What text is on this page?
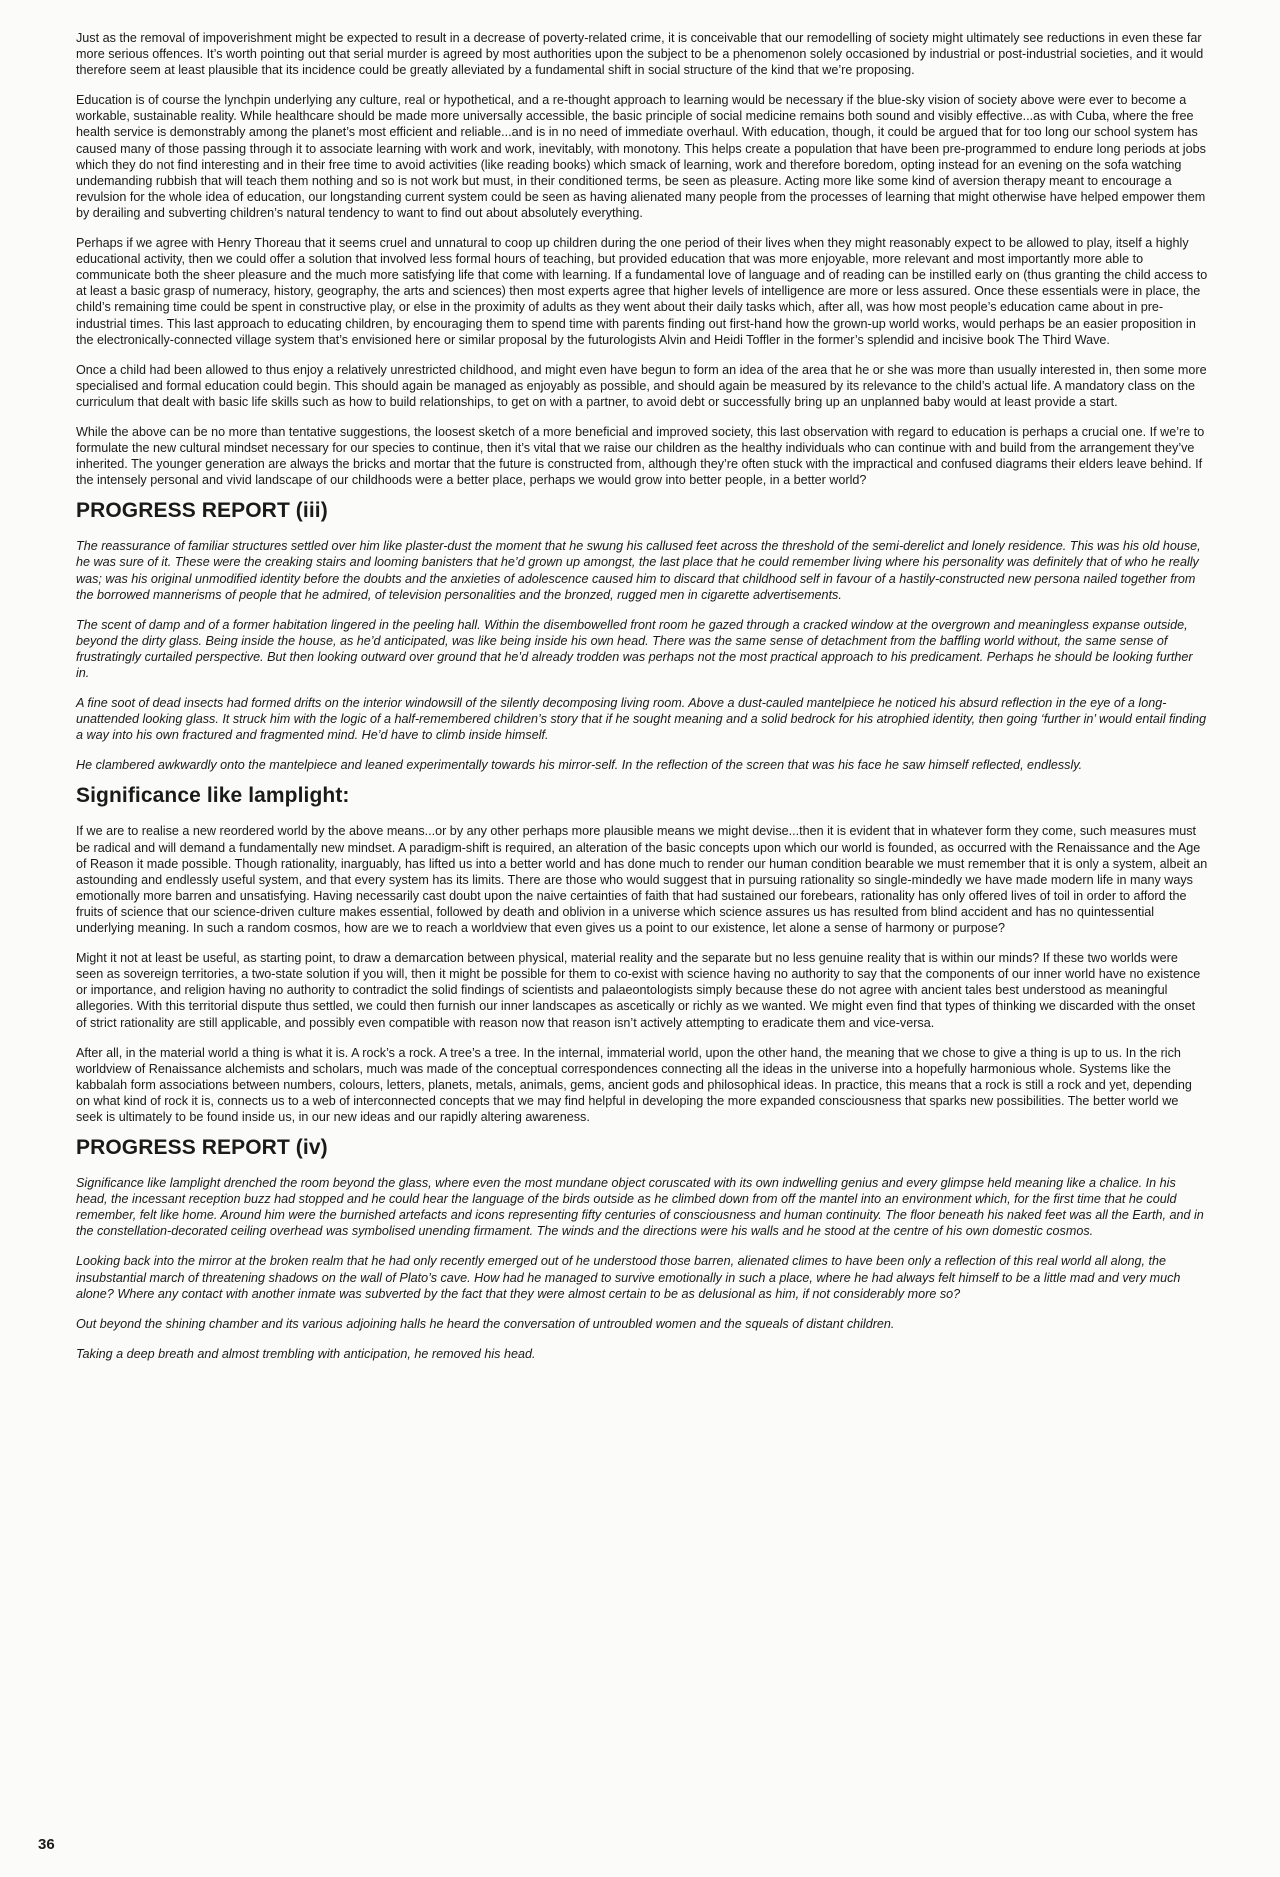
Just as the removal of impoverishment might be expected to result in a decrease of poverty-related crime, it is conceivable that our remodelling of society might ultimately see reductions in even these far more serious offences. It’s worth pointing out that serial murder is agreed by most authorities upon the subject to be a phenomenon solely occasioned by industrial or post-industrial societies, and it would therefore seem at least plausible that its incidence could be greatly alleviated by a fundamental shift in social structure of the kind that we’re proposing.

Education is of course the lynchpin underlying any culture, real or hypothetical, and a re-thought approach to learning would be necessary if the blue-sky vision of society above were ever to become a workable, sustainable reality. While healthcare should be made more universally accessible, the basic principle of social medicine remains both sound and visibly effective...as with Cuba, where the free health service is demonstrably among the planet’s most efficient and reliable...and is in no need of immediate overhaul. With education, though, it could be argued that for too long our school system has caused many of those passing through it to associate learning with work and work, inevitably, with monotony. This helps create a population that have been pre-programmed to endure long periods at jobs which they do not find interesting and in their free time to avoid activities (like reading books) which smack of learning, work and therefore boredom, opting instead for an evening on the sofa watching undemanding rubbish that will teach them nothing and so is not work but must, in their conditioned terms, be seen as pleasure. Acting more like some kind of aversion therapy meant to encourage a revulsion for the whole idea of education, our longstanding current system could be seen as having alienated many people from the processes of learning that might otherwise have helped empower them by derailing and subverting children’s natural tendency to want to find out about absolutely everything.

Perhaps if we agree with Henry Thoreau that it seems cruel and unnatural to coop up children during the one period of their lives when they might reasonably expect to be allowed to play, itself a highly educational activity, then we could offer a solution that involved less formal hours of teaching, but provided education that was more enjoyable, more relevant and most importantly more able to communicate both the sheer pleasure and the much more satisfying life that come with learning. If a fundamental love of language and of reading can be instilled early on (thus granting the child access to at least a basic grasp of numeracy, history, geography, the arts and sciences) then most experts agree that higher levels of intelligence are more or less assured. Once these essentials were in place, the child’s remaining time could be spent in constructive play, or else in the proximity of adults as they went about their daily tasks which, after all, was how most people’s education came about in pre-industrial times. This last approach to educating children, by encouraging them to spend time with parents finding out first-hand how the grown-up world works, would perhaps be an easier proposition in the electronically-connected village system that’s envisioned here or similar proposal by the futurologists Alvin and Heidi Toffler in the former’s splendid and incisive book The Third Wave.

Once a child had been allowed to thus enjoy a relatively unrestricted childhood, and might even have begun to form an idea of the area that he or she was more than usually interested in, then some more specialised and formal education could begin. This should again be managed as enjoyably as possible, and should again be measured by its relevance to the child’s actual life. A mandatory class on the curriculum that dealt with basic life skills such as how to build relationships, to get on with a partner, to avoid debt or successfully bring up an unplanned baby would at least provide a start.

While the above can be no more than tentative suggestions, the loosest sketch of a more beneficial and improved society, this last observation with regard to education is perhaps a crucial one. If we’re to formulate the new cultural mindset necessary for our species to continue, then it’s vital that we raise our children as the healthy individuals who can continue with and build from the arrangement they’ve inherited. The younger generation are always the bricks and mortar that the future is constructed from, although they’re often stuck with the impractical and confused diagrams their elders leave behind. If the intensely personal and vivid landscape of our childhoods were a better place, perhaps we would grow into better people, in a better world?

PROGRESS REPORT (iii)

The reassurance of familiar structures settled over him like plaster-dust the moment that he swung his callused feet across the threshold of the semi-derelict and lonely residence. This was his old house, he was sure of it. These were the creaking stairs and looming banisters that he’d grown up amongst, the last place that he could remember living where his personality was definitely that of who he really was; was his original unmodified identity before the doubts and the anxieties of adolescence caused him to discard that childhood self in favour of a hastily-constructed new persona nailed together from the borrowed mannerisms of people that he admired, of television personalities and the bronzed, rugged men in cigarette advertisements.

The scent of damp and of a former habitation lingered in the peeling hall. Within the disembowelled front room he gazed through a cracked window at the overgrown and meaningless expanse outside, beyond the dirty glass. Being inside the house, as he’d anticipated, was like being inside his own head. There was the same sense of detachment from the baffling world without, the same sense of frustratingly curtailed perspective. But then looking outward over ground that he’d already trodden was perhaps not the most practical approach to his predicament. Perhaps he should be looking further in.

A fine soot of dead insects had formed drifts on the interior windowsill of the silently decomposing living room. Above a dust-cauled mantelpiece he noticed his absurd reflection in the eye of a long-unattended looking glass. It struck him with the logic of a half-remembered children’s story that if he sought meaning and a solid bedrock for his atrophied identity, then going ‘further in’ would entail finding a way into his own fractured and fragmented mind. He’d have to climb inside himself.

He clambered awkwardly onto the mantelpiece and leaned experimentally towards his mirror-self. In the reflection of the screen that was his face he saw himself reflected, endlessly.

Significance like lamplight:

If we are to realise a new reordered world by the above means...or by any other perhaps more plausible means we might devise...then it is evident that in whatever form they come, such measures must be radical and will demand a fundamentally new mindset. A paradigm-shift is required, an alteration of the basic concepts upon which our world is founded, as occurred with the Renaissance and the Age of Reason it made possible. Though rationality, inarguably, has lifted us into a better world and has done much to render our human condition bearable we must remember that it is only a system, albeit an astounding and endlessly useful system, and that every system has its limits. There are those who would suggest that in pursuing rationality so single-mindedly we have made modern life in many ways emotionally more barren and unsatisfying. Having necessarily cast doubt upon the naive certainties of faith that had sustained our forebears, rationality has only offered lives of toil in order to afford the fruits of science that our science-driven culture makes essential, followed by death and oblivion in a universe which science assures us has resulted from blind accident and has no quintessential underlying meaning. In such a random cosmos, how are we to reach a worldview that even gives us a point to our existence, let alone a sense of harmony or purpose?

Might it not at least be useful, as starting point, to draw a demarcation between physical, material reality and the separate but no less genuine reality that is within our minds? If these two worlds were seen as sovereign territories, a two-state solution if you will, then it might be possible for them to co-exist with science having no authority to say that the components of our inner world have no existence or importance, and religion having no authority to contradict the solid findings of scientists and palaeontologists simply because these do not agree with ancient tales best understood as meaningful allegories. With this territorial dispute thus settled, we could then furnish our inner landscapes as ascetically or richly as we wanted. We might even find that types of thinking we discarded with the onset of strict rationality are still applicable, and possibly even compatible with reason now that reason isn’t actively attempting to eradicate them and vice-versa.

After all, in the material world a thing is what it is. A rock’s a rock. A tree’s a tree. In the internal, immaterial world, upon the other hand, the meaning that we chose to give a thing is up to us. In the rich worldview of Renaissance alchemists and scholars, much was made of the conceptual correspondences connecting all the ideas in the universe into a hopefully harmonious whole. Systems like the kabbalah form associations between numbers, colours, letters, planets, metals, animals, gems, ancient gods and philosophical ideas. In practice, this means that a rock is still a rock and yet, depending on what kind of rock it is, connects us to a web of interconnected concepts that we may find helpful in developing the more expanded consciousness that sparks new possibilities. The better world we seek is ultimately to be found inside us, in our new ideas and our rapidly altering awareness.

PROGRESS REPORT (iv)

Significance like lamplight drenched the room beyond the glass, where even the most mundane object coruscated with its own indwelling genius and every glimpse held meaning like a chalice. In his head, the incessant reception buzz had stopped and he could hear the language of the birds outside as he climbed down from off the mantel into an environment which, for the first time that he could remember, felt like home. Around him were the burnished artefacts and icons representing fifty centuries of consciousness and human continuity. The floor beneath his naked feet was all the Earth, and in the constellation-decorated ceiling overhead was symbolised unending firmament. The winds and the directions were his walls and he stood at the centre of his own domestic cosmos.

Looking back into the mirror at the broken realm that he had only recently emerged out of he understood those barren, alienated climes to have been only a reflection of this real world all along, the insubstantial march of threatening shadows on the wall of Plato’s cave. How had he managed to survive emotionally in such a place, where he had always felt himself to be a little mad and very much alone? Where any contact with another inmate was subverted by the fact that they were almost certain to be as delusional as him, if not considerably more so?

Out beyond the shining chamber and its various adjoining halls he heard the conversation of untroubled women and the squeals of distant children.

Taking a deep breath and almost trembling with anticipation, he removed his head.

36
